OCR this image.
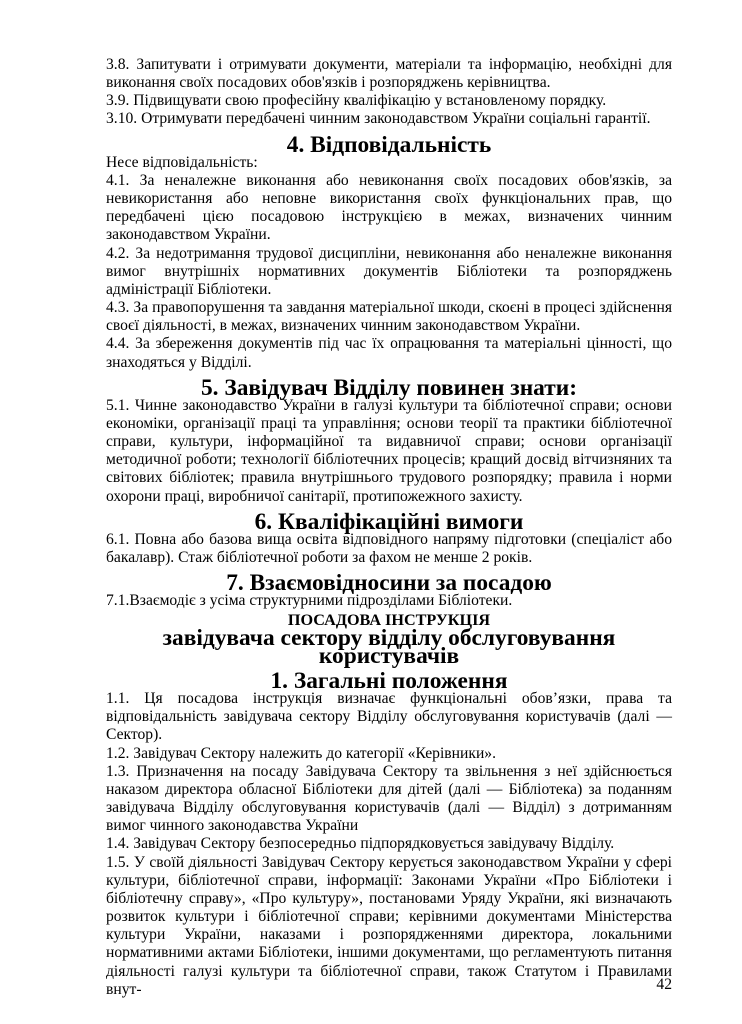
3.8. Запитувати і отримувати документи, матеріали та інформацію, необхідні для виконання своїх посадових обов'язків і розпоряджень керівництва.

3.9. Підвищувати свою професійну кваліфікацію у встановленому порядку.

3.10. Отримувати передбачені чинним законодавством України соціальні гарантії.

4. Відповідальність

Несе відповідальність:

4.1. За неналежне виконання або невиконання своїх посадових обов'язків, за невикористання або неповне використання своїх функціональних прав, що передбачені цією посадовою інструкцією в межах, визначених чинним законодавством України.

4.2. За недотримання трудової дисципліни, невиконання або неналежне виконання вимог внутрішніх нормативних документів Бібліотеки та розпоряджень адміністрації Бібліотеки.

4.3. За правопорушення та завдання матеріальної шкоди, скоєні в процесі здійснення своєї діяльності, в межах, визначених чинним законодавством України.

4.4. За збереження документів під час їх опрацювання та матеріальні цінності, що знаходяться у Відділі.

5. Завідувач Відділу повинен знати:

5.1. Чинне законодавство України в галузі культури та бібліотечної справи; основи економіки, організації праці та управління; основи теорії та практики бібліотечної справи, культури, інформаційної та видавничої справи; основи організації методичної роботи; технології бібліотечних процесів; кращий досвід вітчизняних та світових бібліотек; правила внутрішнього трудового розпорядку; правила і норми охорони праці, виробничої санітарії, протипожежного захисту.

6. Кваліфікаційні вимоги

6.1. Повна або базова вища освіта відповідного напряму підготовки (спеціаліст або бакалавр). Стаж бібліотечної роботи за фахом не менше 2 років.

7. Взаємовідносини за посадою

7.1.Взаємодіє з усіма структурними підрозділами Бібліотеки.

ПОСАДОВА ІНСТРУКЦІЯ
завідувача сектору відділу обслуговування користувачів
1. Загальні положення

1.1. Ця посадова інструкція визначає функціональні обов’язки, права та відповідальність завідувача сектору Відділу обслуговування користувачів (далі — Сектор).

1.2. Завідувач Сектору належить до категорії «Керівники».

1.3. Призначення на посаду Завідувача Сектору та звільнення з неї здійснюється наказом директора обласної Бібліотеки для дітей (далі — Бібліотека) за поданням завідувача Відділу обслуговування користувачів (далі — Відділ) з дотриманням вимог чинного законодавства України

1.4. Завідувач Сектору безпосередньо підпорядковується завідувачу Відділу.

1.5. У своїй діяльності Завідувач Сектору керується законодавством України у сфері культури, бібліотечної справи, інформації: Законами України «Про Бібліотеки і бібліотечну справу», «Про культуру», постановами Уряду України, які визначають розвиток культури і бібліотечної справи; керівними документами Міністерства культури України, наказами і розпорядженнями директора, локальними нормативними актами Бібліотеки, іншими документами, що регламентують питання діяльності галузі культури та бібліотечної справи, також Статутом і Правилами внут-	42
